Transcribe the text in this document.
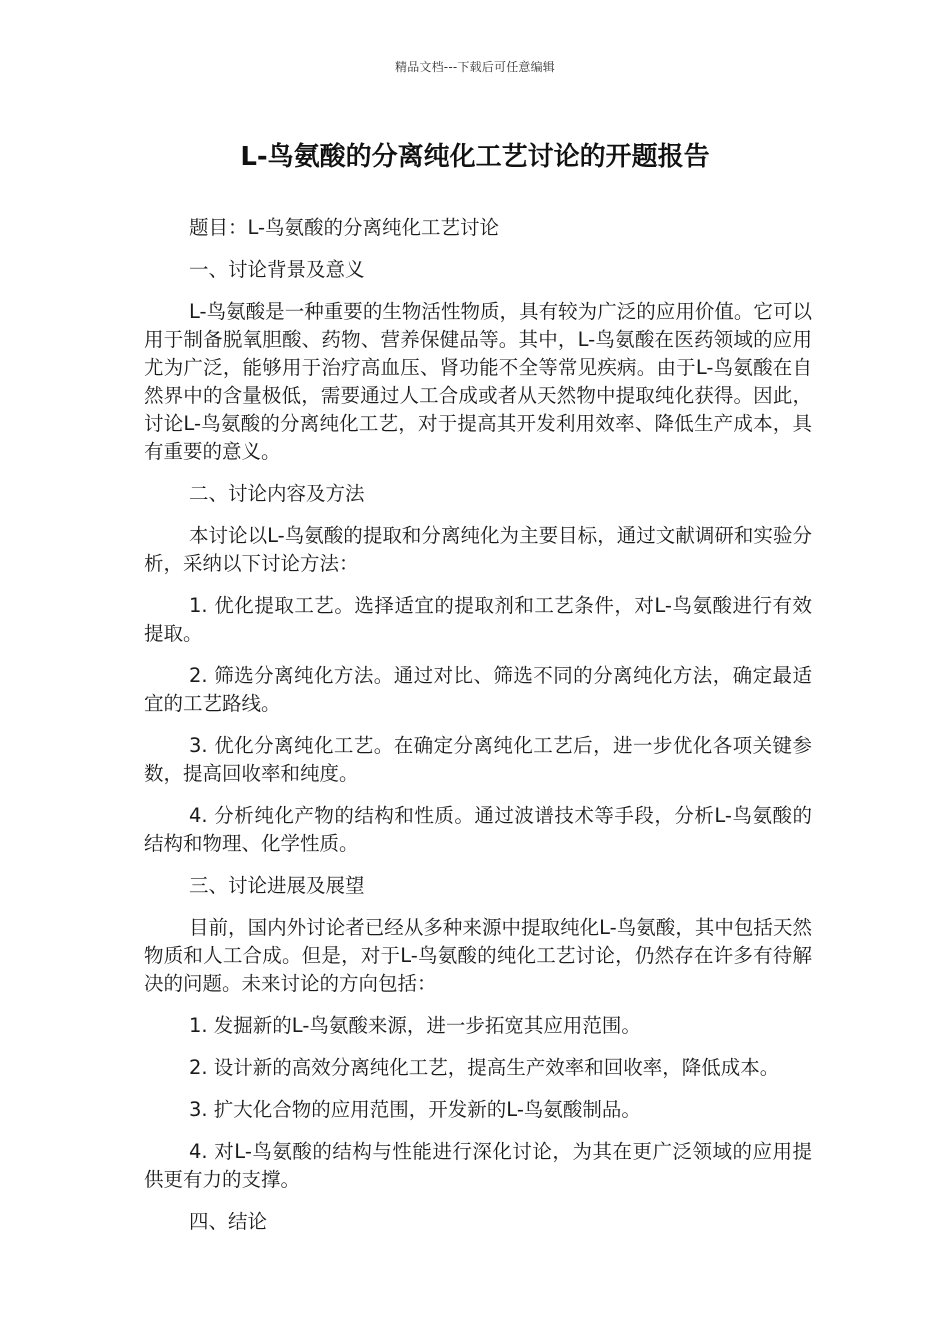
精品文档---下载后可任意编辑
L-鸟氨酸的分离纯化工艺讨论的开题报告

题目：L-鸟氨酸的分离纯化工艺讨论

一、讨论背景及意义

L-鸟氨酸是一种重要的生物活性物质，具有较为广泛的应用价值。它可以用于制备脱氧胆酸、药物、营养保健品等。其中，L-鸟氨酸在医药领域的应用尤为广泛，能够用于治疗高血压、肾功能不全等常见疾病。由于L-鸟氨酸在自然界中的含量极低，需要通过人工合成或者从天然物中提取纯化获得。因此，讨论L-鸟氨酸的分离纯化工艺，对于提高其开发利用效率、降低生产成本，具有重要的意义。

二、讨论内容及方法

本讨论以L-鸟氨酸的提取和分离纯化为主要目标，通过文献调研和实验分析，采纳以下讨论方法：

1. 优化提取工艺。选择适宜的提取剂和工艺条件，对L-鸟氨酸进行有效提取。

2. 筛选分离纯化方法。通过对比、筛选不同的分离纯化方法，确定最适宜的工艺路线。

3. 优化分离纯化工艺。在确定分离纯化工艺后，进一步优化各项关键参数，提高回收率和纯度。

4. 分析纯化产物的结构和性质。通过波谱技术等手段，分析L-鸟氨酸的结构和物理、化学性质。

三、讨论进展及展望

目前，国内外讨论者已经从多种来源中提取纯化L-鸟氨酸，其中包括天然物质和人工合成。但是，对于L-鸟氨酸的纯化工艺讨论，仍然存在许多有待解决的问题。未来讨论的方向包括：

1. 发掘新的L-鸟氨酸来源，进一步拓宽其应用范围。

2. 设计新的高效分离纯化工艺，提高生产效率和回收率，降低成本。

3. 扩大化合物的应用范围，开发新的L-鸟氨酸制品。

4. 对L-鸟氨酸的结构与性能进行深化讨论，为其在更广泛领域的应用提供更有力的支撑。

四、结论
